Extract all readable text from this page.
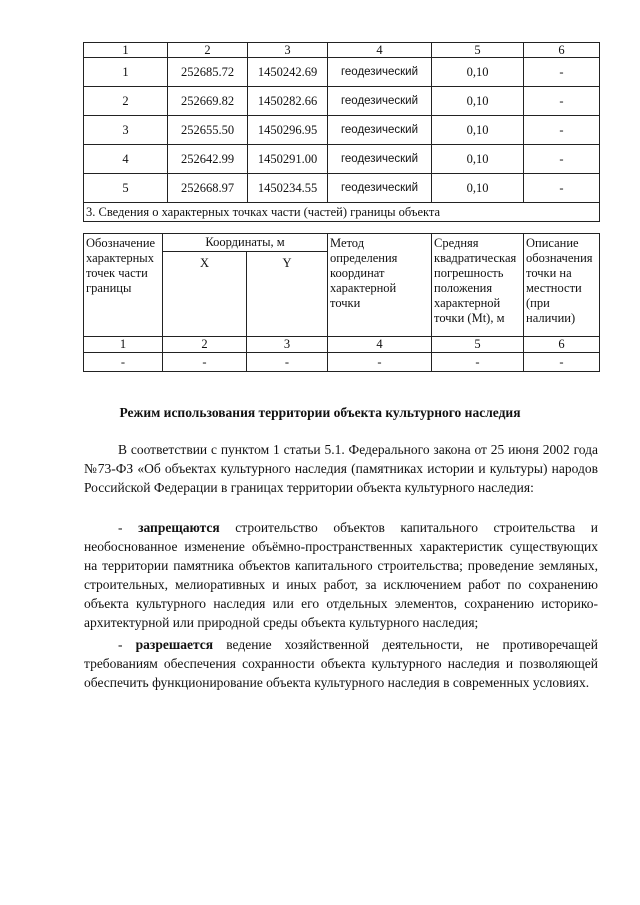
1	2	3	4	5	6
1	252685.72	1450242.69	геодезический	0,10	-
2	252669.82	1450282.66	геодезический	0,10	-
3	252655.50	1450296.95	геодезический	0,10	-
4	252642.99	1450291.00	геодезический	0,10	-
5	252668.97	1450234.55	геодезический	0,10	-
3. Сведения о характерных точках части (частей) границы объекта					
Обозначение характерных точек части границы	Координаты, м		Метод определения координат характерной точки	Средняя квадратическая погрешность положения характерной точки (Mt), м	Описание обозначения точки на местности (при наличии)
	X	Y			
1	2	3	4	5	6
-	-	-	-	-	-
Режим использования территории объекта культурного наследия

В соответствии с пунктом 1 статьи 5.1. Федерального закона от 25 июня 2002 года №73-ФЗ «Об объектах культурного наследия (памятниках истории и культуры) народов Российской Федерации в границах территории объекта культурного наследия:

- запрещаются строительство объектов капитального строительства и необоснованное изменение объёмно-пространственных характеристик существующих на территории памятника объектов капитального строительства; проведение земляных, строительных, мелиоративных и иных работ, за исключением работ по сохранению объекта культурного наследия или его отдельных элементов, сохранению историко-архитектурной или природной среды объекта культурного наследия;

- разрешается ведение хозяйственной деятельности, не противоречащей требованиям обеспечения сохранности объекта культурного наследия и позволяющей обеспечить функционирование объекта культурного наследия в современных условиях.
